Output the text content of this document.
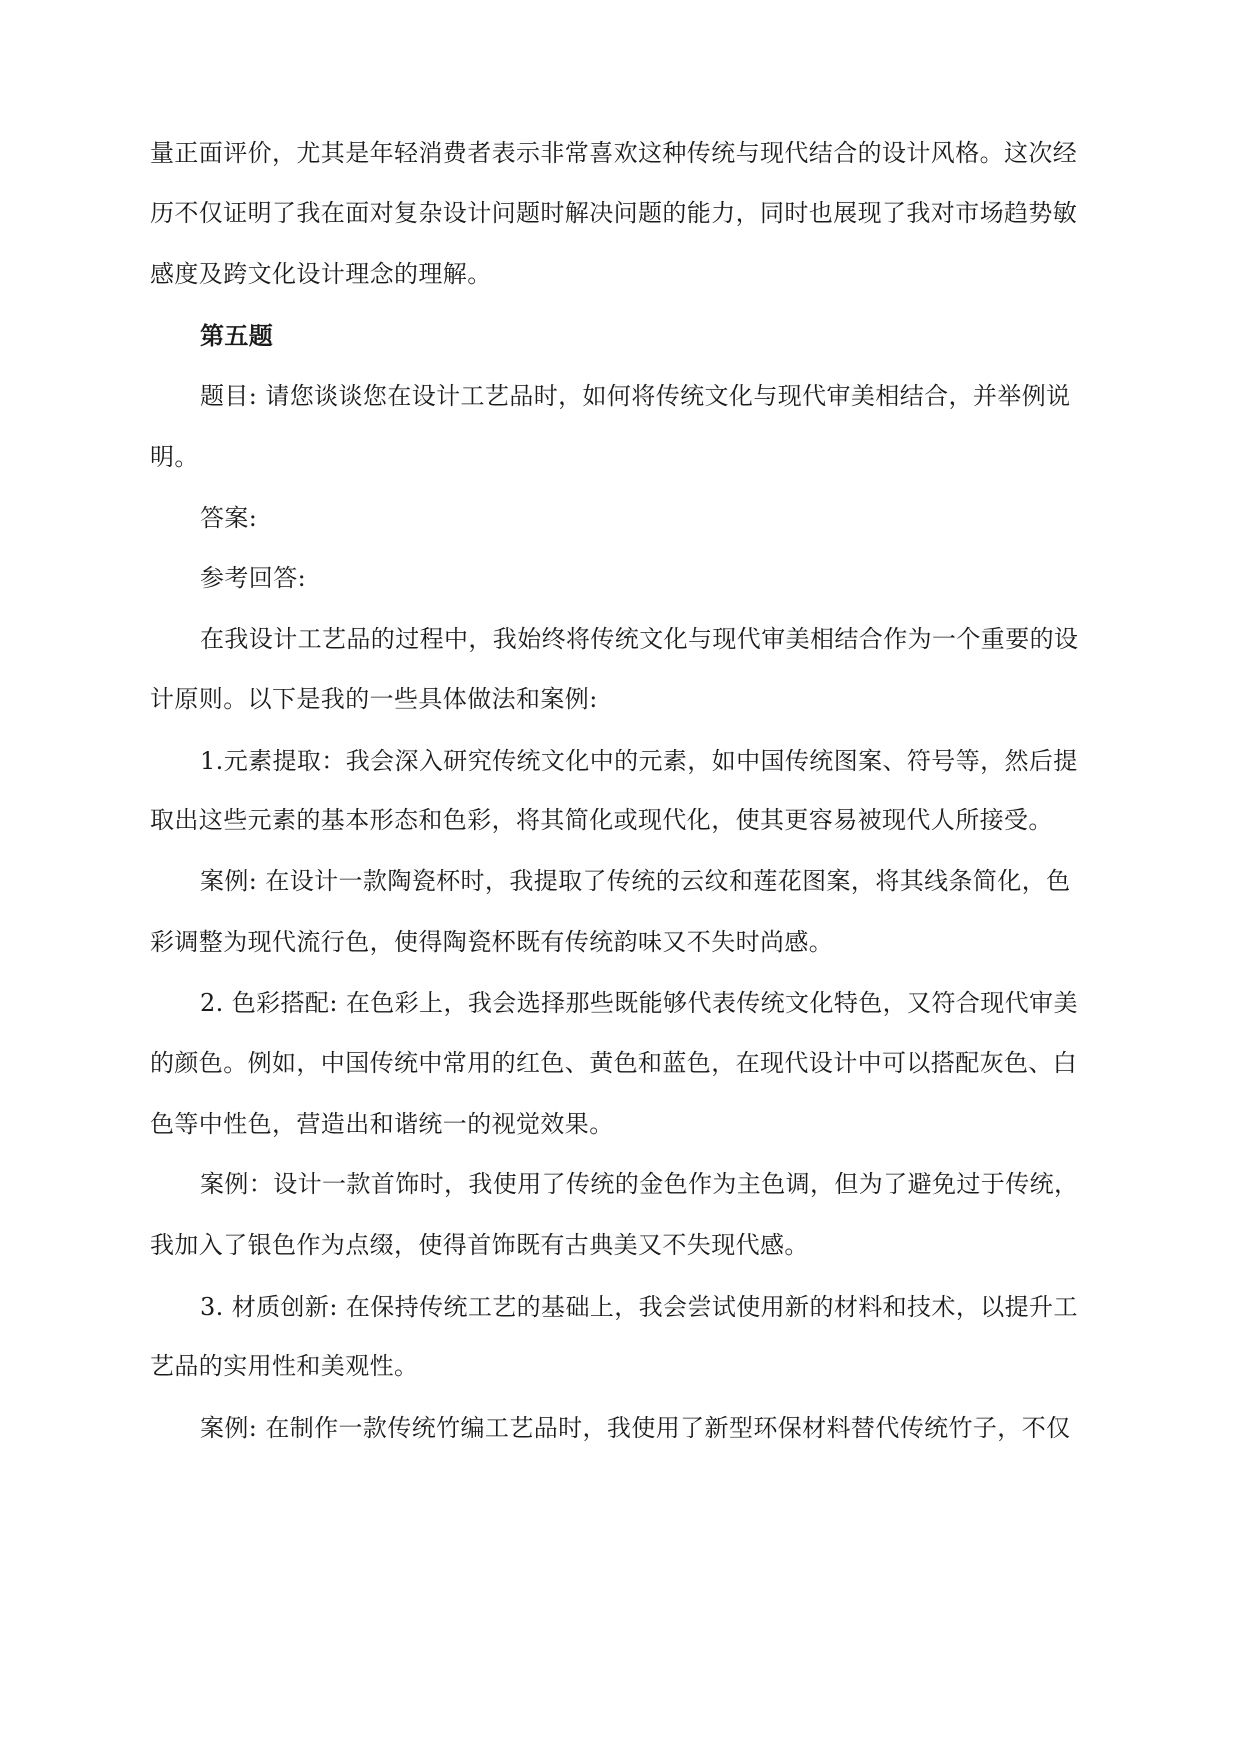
量正面评价，尤其是年轻消费者表示非常喜欢这种传统与现代结合的设计风格。这次经
历不仅证明了我在面对复杂设计问题时解决问题的能力，同时也展现了我对市场趋势敏
感度及跨文化设计理念的理解。
第五题
题目: 请您谈谈您在设计工艺品时，如何将传统文化与现代审美相结合，并举例说
明。
答案:
参考回答:
在我设计工艺品的过程中，我始终将传统文化与现代审美相结合作为一个重要的设
计原则。以下是我的一些具体做法和案例:
1.元素提取：我会深入研究传统文化中的元素，如中国传统图案、符号等，然后提
取出这些元素的基本形态和色彩，将其简化或现代化，使其更容易被现代人所接受。
案例: 在设计一款陶瓷杯时，我提取了传统的云纹和莲花图案，将其线条简化，色
彩调整为现代流行色，使得陶瓷杯既有传统韵味又不失时尚感。
2. 色彩搭配: 在色彩上，我会选择那些既能够代表传统文化特色，又符合现代审美
的颜色。例如，中国传统中常用的红色、黄色和蓝色，在现代设计中可以搭配灰色、白
色等中性色，营造出和谐统一的视觉效果。
案例：设计一款首饰时，我使用了传统的金色作为主色调，但为了避免过于传统，
我加入了银色作为点缀，使得首饰既有古典美又不失现代感。
3. 材质创新: 在保持传统工艺的基础上，我会尝试使用新的材料和技术，以提升工
艺品的实用性和美观性。
案例: 在制作一款传统竹编工艺品时，我使用了新型环保材料替代传统竹子，不仅
